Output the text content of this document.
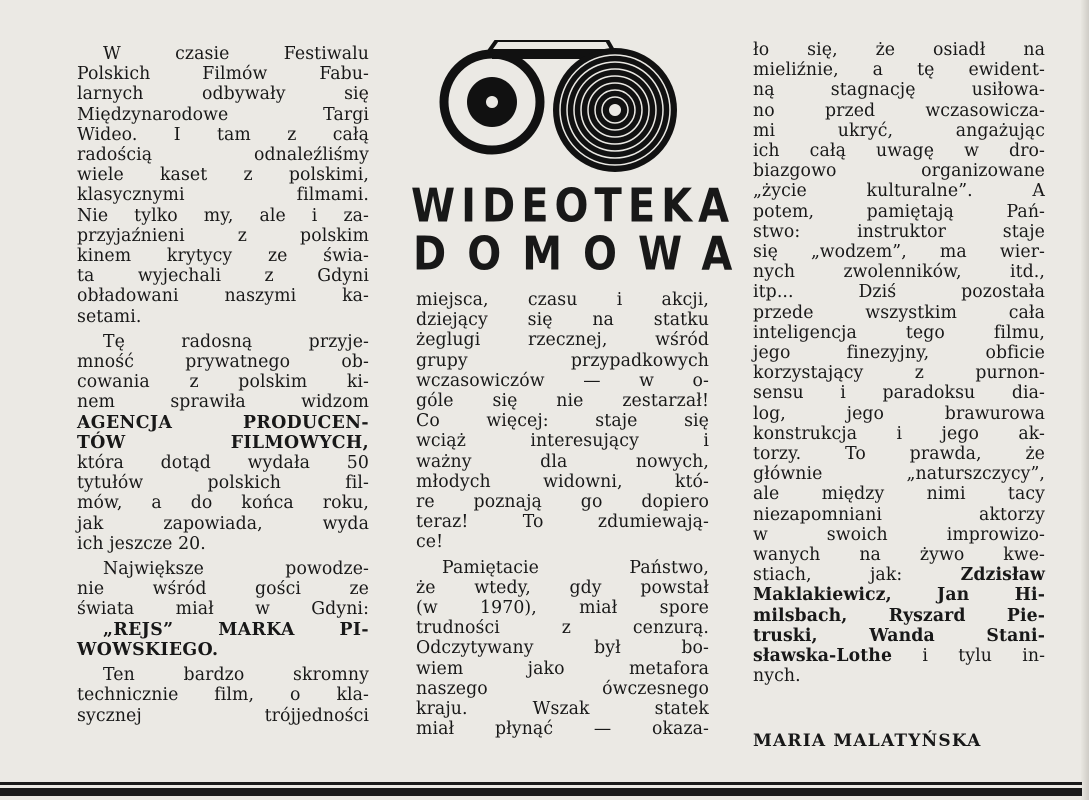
WIDEOTEKA
DOMOWA

W czasie Festiwalu
Polskich Filmów Fabu-
larnych odbywały się
Międzynarodowe Targi
Wideo. I tam z całą
radością odnaleźliśmy
wiele kaset z polskimi,
klasycznymi filmami.
Nie tylko my, ale i za-
przyjaźnieni z polskim
kinem krytycy ze świa-
ta wyjechali z Gdyni
obładowani naszymi ka-
setami.

Tę radosną przyje-
mność prywatnego ob-
cowania z polskim ki-
nem sprawiła widzom
AGENCJA PRODUCEN-
TÓW FILMOWYCH,
która dotąd wydała 50
tytułów polskich fil-
mów, a do końca roku,
jak zapowiada, wyda
ich jeszcze 20.

Największe powodze-
nie wśród gości ze
świata miał w Gdyni:
„REJS” MARKA PI-
WOWSKIEGO.

Ten bardzo skromny
technicznie film, o kla-
sycznej trójjedności

miejsca, czasu i akcji,
dziejący się na statku
żeglugi rzecznej, wśród
grupy przypadkowych
wczasowiczów — w o-
góle się nie zestarzał!
Co więcej: staje się
wciąż interesujący i
ważny dla nowych,
młodych widowni, któ-
re poznają go dopiero
teraz! To zdumiewają-
ce!

Pamiętacie Państwo,
że wtedy, gdy powstał
(w 1970), miał spore
trudności z cenzurą.
Odczytywany był bo-
wiem jako metafora
naszego ówczesnego
kraju. Wszak statek
miał płynąć — okaza-

ło się, że osiadł na
mieliźnie, a tę ewident-
ną stagnację usiłowa-
no przed wczasowicza-
mi ukryć, angażując
ich całą uwagę w dro-
biazgowo organizowane
„życie kulturalne”. A
potem, pamiętają Pań-
stwo: instruktor staje
się „wodzem”, ma wier-
nych zwolenników, itd.,
itp... Dziś pozostała
przede wszystkim cała
inteligencja tego filmu,
jego finezyjny, obficie
korzystający z purnon-
sensu i paradoksu dia-
log, jego brawurowa
konstrukcja i jego ak-
torzy. To prawda, że
głównie „naturszczycy”,
ale między nimi tacy
niezapomniani aktorzy
w swoich improwizo-
wanych na żywo kwe-
stiach, jak:	Zdzisław
Maklakiewicz, Jan Hi-
milsbach, Ryszard Pie-
truski, Wanda Stani-
sławska-Lothe i tylu in-
nych.

MARIA MALATYŃSKA
